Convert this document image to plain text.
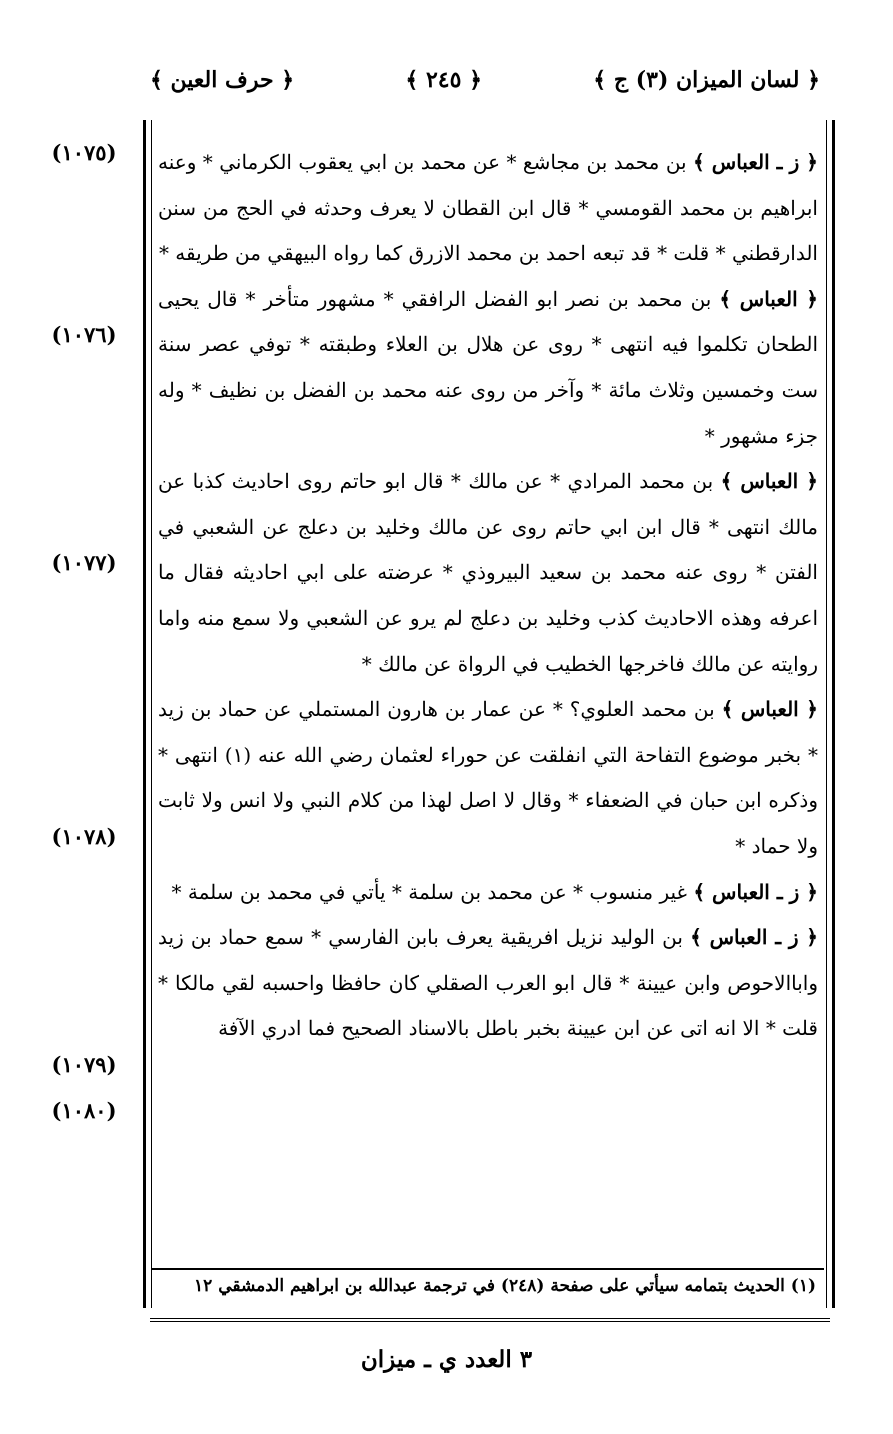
﴿ حرف العين ﴾	﴿ ٢٤٥ ﴾	﴿ لسان الميزان (٣) ج ﴾
(١٠٧٥)
(١٠٧٦)
(١٠٧٧)
(١٠٧٨)
(١٠٧٩)
(١٠٨٠)

﴿ ز ـ العباس ﴾ بن محمد بن مجاشع * عن محمد بن ابي يعقوب الكرماني * وعنه ابراهيم بن محمد القومسي * قال ابن القطان لا يعرف وحدثه في الحج من سنن الدارقطني * قلت * قد تبعه احمد بن محمد الازرق كما رواه البيهقي من طريقه *

﴿ العباس ﴾ بن محمد بن نصر ابو الفضل الرافقي * مشهور متأخر * قال يحيى الطحان تكلموا فيه انتهى * روى عن هلال بن العلاء وطبقته * توفي عصر سنة ست وخمسين وثلاث مائة * وآخر من روى عنه محمد بن الفضل بن نظيف * وله جزء مشهور *

﴿ العباس ﴾ بن محمد المرادي * عن مالك * قال ابو حاتم روى احاديث كذبا عن مالك انتهى * قال ابن ابي حاتم روى عن مالك وخليد بن دعلج عن الشعبي في الفتن * روى عنه محمد بن سعيد البيروذي * عرضته على ابي احاديثه فقال ما اعرفه وهذه الاحاديث كذب وخليد بن دعلج لم يرو عن الشعبي ولا سمع منه واما روايته عن مالك فاخرجها الخطيب في الرواة عن مالك *

﴿ العباس ﴾ بن محمد العلوي؟ * عن عمار بن هارون المستملي عن حماد بن زيد * بخبر موضوع التفاحة التي انفلقت عن حوراء لعثمان رضي الله عنه (١) انتهى * وذكره ابن حبان في الضعفاء * وقال لا اصل لهذا من كلام النبي ولا انس ولا ثابت ولا حماد *

﴿ ز ـ العباس ﴾ غير منسوب * عن محمد بن سلمة * يأتي في محمد بن سلمة *

﴿ ز ـ العباس ﴾ بن الوليد نزيل افريقية يعرف بابن الفارسي * سمع حماد بن زيد واباالاحوص وابن عيينة * قال ابو العرب الصقلي كان حافظا واحسبه لقي مالكا * قلت * الا انه اتى عن ابن عيينة بخبر باطل بالاسناد الصحيح فما ادري الآفة

(١) الحديث بتمامه سيأتي على صفحة (٢٤٨) في ترجمة عبدالله بن ابراهيم الدمشقي ١٢
٣ العدد ي ـ ميزان
